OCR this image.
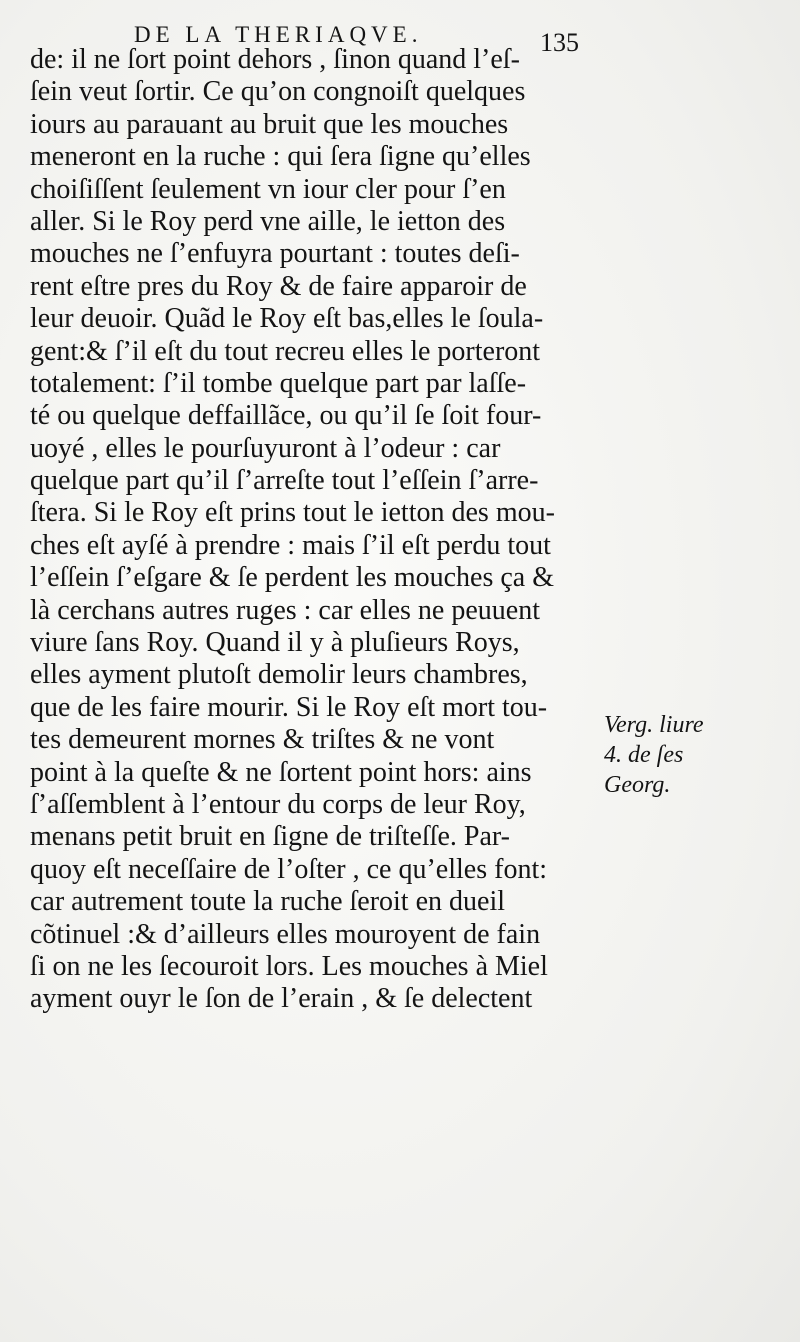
DE LA THERIAQVE.	135
de: il ne ſort point dehors , ſinon quand l’eſ-
ſein veut ſortir. Ce qu’on congnoiſt quelques
iours au parauant au bruit que les mouches
meneront en la ruche : qui ſera ſigne qu’elles
choiſiſſent ſeulement vn iour cler pour ſ’en
aller. Si le Roy perd vne aille, le ietton des
mouches ne ſ’enfuyra pourtant : toutes deſi-
rent eſtre pres du Roy & de faire apparoir de
leur deuoir. Quãd le Roy eſt bas,elles le ſoula-
gent:& ſ’il eſt du tout recreu elles le porteront
totalement: ſ’il tombe quelque part par laſſe-
té ou quelque deffaillãce, ou qu’il ſe ſoit four-
uoyé , elles le pourſuyuront à l’odeur : car
quelque part qu’il ſ’arreſte tout l’eſſein ſ’arre-
ſtera. Si le Roy eſt prins tout le ietton des mou-
ches eſt ayſé à prendre : mais ſ’il eſt perdu tout
l’eſſein ſ’eſgare & ſe perdent les mouches ça &
là cerchans autres ruges : car elles ne peuuent
viure ſans Roy. Quand il y à pluſieurs Roys,
elles ayment plutoſt demolir leurs chambres,
que de les faire mourir. Si le Roy eſt mort tou-
tes demeurent mornes & triſtes & ne vont
point à la queſte & ne ſortent point hors: ains
ſ’aſſemblent à l’entour du corps de leur Roy,
menans petit bruit en ſigne de triſteſſe. Par-
quoy eſt neceſſaire de l’oſter , ce qu’elles font:
car autrement toute la ruche ſeroit en dueil
cõtinuel :& d’ailleurs elles mouroyent de fain
ſi on ne les ſecouroit lors. Les mouches à Miel
ayment ouyr le ſon de l’erain , & ſe delectent
Verg. liure
4. de ſes
Georg.
